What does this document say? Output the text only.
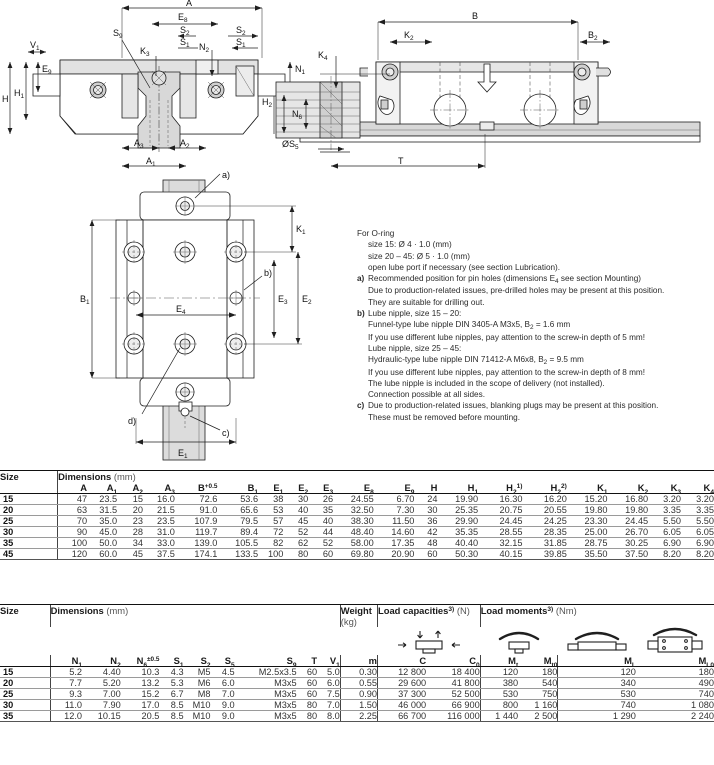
A
$E_8$
$S_2$
$S_1$
$S_2$
$S_1$
$S_9$
$K_3$
$N_2$
$N_1$
$V_1$
$E_9$
H
$H_1$
$A_3$	$A_2$
$A_1$
B
$K_2$	$B_2$
$K_4$
T
$H_2$
$N_6$
$ØS_5$
$B_1$
$K_1$
$E_2$
$E_3$
$E_4$
$E_1$
a)
b)
d)
c)
For O-ring
size 15: Ø 4 · 1.0 (mm)
size 20 – 45: Ø 5 · 1.0 (mm)
open lube port if necessary (see section Lubrication).
a) Recommended position for pin holes (dimensions $E_4$ see section Mounting)
Due to production-related issues, pre-drilled holes may be present at this position.
They are suitable for drilling out.
b) Lube nipple, size 15 – 20:
Funnel-type lube nipple DIN 3405-A M3x5, $B_2 = 1.6$ mm
If you use different lube nipples, pay attention to the screw-in depth of 5 mm!
Lube nipple, size 25 – 45:
Hydraulic-type lube nipple DIN 71412-A M6x8, $B_2 = 9.5$ mm
If you use different lube nipples, pay attention to the screw-in depth of 8 mm!
The lube nipple is included in the scope of delivery (not installed).
Connection possible at all sides.
c) Due to production-related issues, blanking plugs may be present at this position.
These must be removed before mounting.
Size	Dimensions (mm)																		
	A	$A_1$	$A_2$	$A_3$	$B^{+0.5}$	$B_1$	$E_1$	$E_2$	$E_3$	$E_8$	$E_9$	H	$H_1$	$H_2^{1)}$	$H_2^{2)}$	$K_1$	$K_2$	$K_3$	$K_4$
15	47	23.5	15	16.0	72.6	53.6	38	30	26	24.55	6.70	24	19.90	16.30	16.20	15.20	16.80	3.20	3.20
20	63	31.5	20	21.5	91.0	65.6	53	40	35	32.50	7.30	30	25.35	20.75	20.55	19.80	19.80	3.35	3.35
25	70	35.0	23	23.5	107.9	79.5	57	45	40	38.30	11.50	36	29.90	24.45	24.25	23.30	24.45	5.50	5.50
30	90	45.0	28	31.0	119.7	89.4	72	52	44	48.40	14.60	42	35.35	28.55	28.35	25.00	26.70	6.05	6.05
35	100	50.0	34	33.0	139.0	105.5	82	62	52	58.00	17.35	48	40.40	32.15	31.85	28.75	30.25	6.90	6.90
45	120	60.0	45	37.5	174.1	133.5	100	80	60	69.80	20.90	60	50.30	40.15	39.85	35.50	37.50	8.20	8.20
Size	Dimensions (mm)									Weight
(kg)	Load capacities$^{3)}$ (N)		Load moments$^{3)}$ (Nm)			

	$N_1$	$N_2$	$N_6^{\pm 0.5}$	$S_1$	$S_2$	$S_5$	$S_9$	T	$V_1$	m	C	$C_0$	$M_t$	$M_{t0}$	$M_L$	$M_{L0}$
15	5.2	4.40	10.3	4.3	M5	4.5	M2.5x3.5	60	5.0	0.30	12 800	18 400	120	180	120	180
20	7.7	5.20	13.2	5.3	M6	6.0	M3x5	60	6.0	0.55	29 600	41 800	380	540	340	490
25	9.3	7.00	15.2	6.7	M8	7.0	M3x5	60	7.5	0.90	37 300	52 500	530	750	530	740
30	11.0	7.90	17.0	8.5	M10	9.0	M3x5	80	7.0	1.50	46 000	66 900	800	1 160	740	1 080
35	12.0	10.15	20.5	8.5	M10	9.0	M3x5	80	8.0	2.25	66 700	116 000	1 440	2 500	1 290	2 240
